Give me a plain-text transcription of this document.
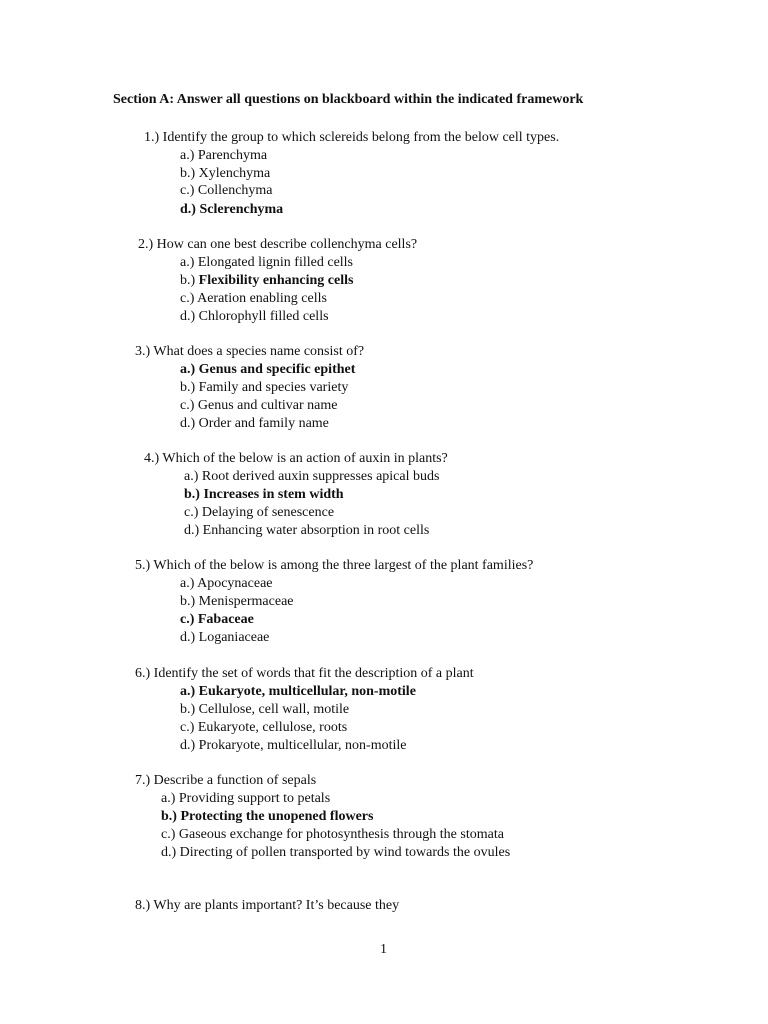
Section A: Answer all questions on blackboard within the indicated framework
1.) Identify the group to which sclereids belong from the below cell types.
a.) Parenchyma
b.) Xylenchyma
c.) Collenchyma
d.) Sclerenchyma
2.) How can one best describe collenchyma cells?
a.) Elongated lignin filled cells
b.) Flexibility enhancing cells
c.) Aeration enabling cells
d.) Chlorophyll filled cells
3.) What does a species name consist of?
a.) Genus and specific epithet
b.) Family and species variety
c.) Genus and cultivar name
d.) Order and family name
4.) Which of the below is an action of auxin in plants?
a.) Root derived auxin suppresses apical buds
b.) Increases in stem width
c.) Delaying of senescence
d.) Enhancing water absorption in root cells
5.) Which of the below is among the three largest of the plant families?
a.) Apocynaceae
b.) Menispermaceae
c.) Fabaceae
d.) Loganiaceae
6.) Identify the set of words that fit the description of a plant
a.) Eukaryote, multicellular, non-motile
b.) Cellulose, cell wall, motile
c.) Eukaryote, cellulose, roots
d.) Prokaryote, multicellular, non-motile
7.) Describe a function of sepals
a.) Providing support to petals
b.) Protecting the unopened flowers
c.) Gaseous exchange for photosynthesis through the stomata
d.) Directing of pollen transported by wind towards the ovules
8.) Why are plants important? It’s because they
1
